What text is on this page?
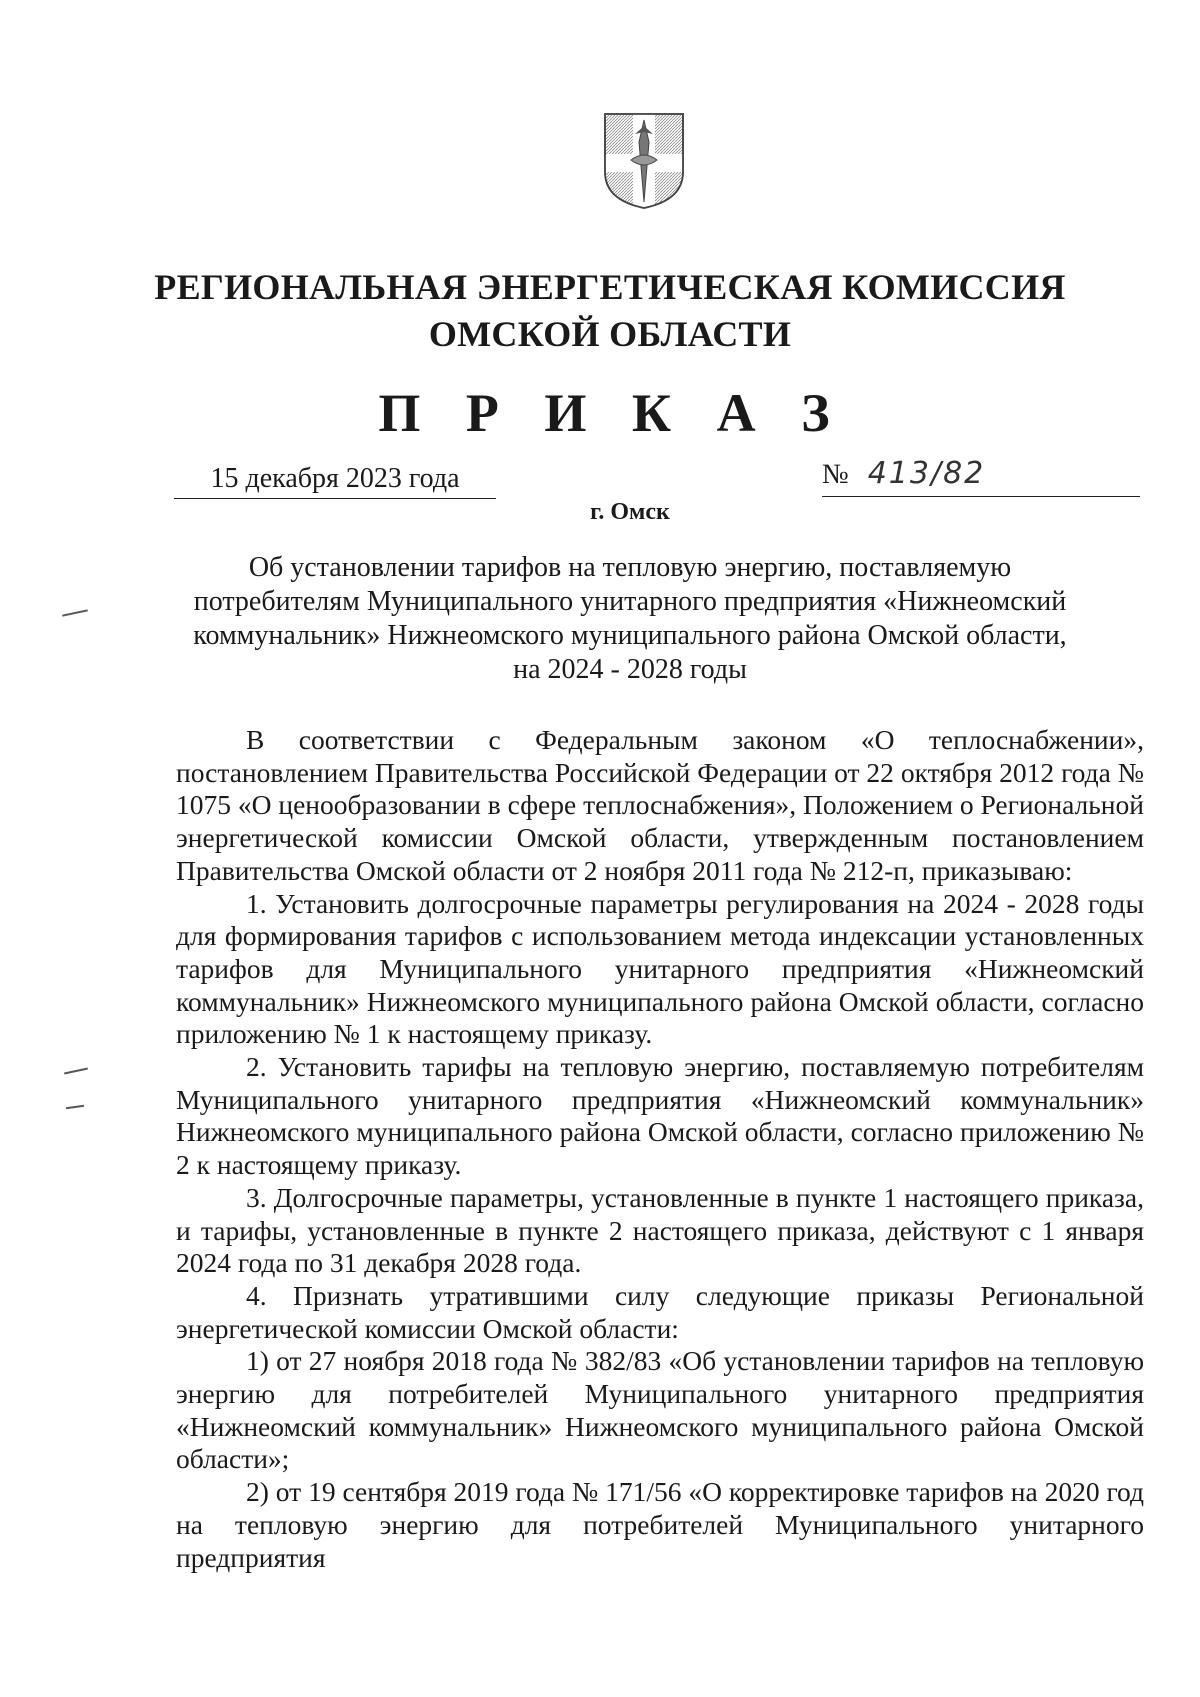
РЕГИОНАЛЬНАЯ ЭНЕРГЕТИЧЕСКАЯ КОМИССИЯ
ОМСКОЙ ОБЛАСТИ
П Р И К А З
15 декабря 2023 года	№ 413/82
г. Омск
Об установлении тарифов на тепловую энергию, поставляемую
потребителям Муниципального унитарного предприятия «Нижнеомский
коммунальник» Нижнеомского муниципального района Омской области,
на 2024 - 2028 годы

В соответствии с Федеральным законом «О теплоснабжении», постановлением Правительства Российской Федерации от 22 октября 2012 года № 1075 «О ценообразовании в сфере теплоснабжения», Положением о Региональной энергетической комиссии Омской области, утвержденным постановлением Правительства Омской области от 2 ноября 2011 года № 212-п, приказываю:

1. Установить долгосрочные параметры регулирования на 2024 - 2028 годы для формирования тарифов с использованием метода индексации установленных тарифов для Муниципального унитарного предприятия «Нижнеомский коммунальник» Нижнеомского муниципального района Омской области, согласно приложению № 1 к настоящему приказу.

2. Установить тарифы на тепловую энергию, поставляемую потребителям Муниципального унитарного предприятия «Нижнеомский коммунальник» Нижнеомского муниципального района Омской области, согласно приложению № 2 к настоящему приказу.

3. Долгосрочные параметры, установленные в пункте 1 настоящего приказа, и тарифы, установленные в пункте 2 настоящего приказа, действуют с 1 января 2024 года по 31 декабря 2028 года.

4. Признать утратившими силу следующие приказы Региональной энергетической комиссии Омской области:

1) от 27 ноября 2018 года № 382/83 «Об установлении тарифов на тепловую энергию для потребителей Муниципального унитарного предприятия «Нижнеомский коммунальник» Нижнеомского муниципального района Омской области»;

2) от 19 сентября 2019 года № 171/56 «О корректировке тарифов на 2020 год на тепловую энергию для потребителей Муниципального унитарного предприятия
